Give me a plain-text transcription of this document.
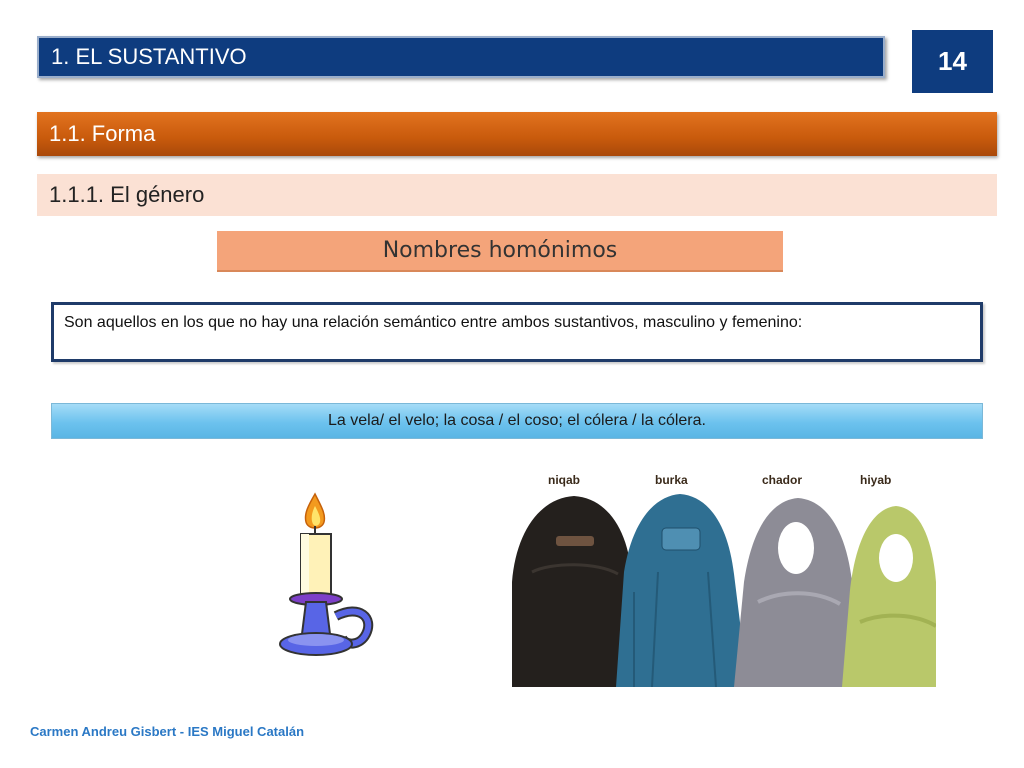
1. EL SUSTANTIVO	14
1.1. Forma
1.1.1. El género
Nombres homónimos
Son aquellos en los que no hay una relación semántico entre ambos sustantivos, masculino y femenino:
La vela/ el velo; la cosa / el coso; el cólera / la cólera.
niqab	burka	chador	hiyab
Carmen Andreu Gisbert - IES Miguel Catalán
